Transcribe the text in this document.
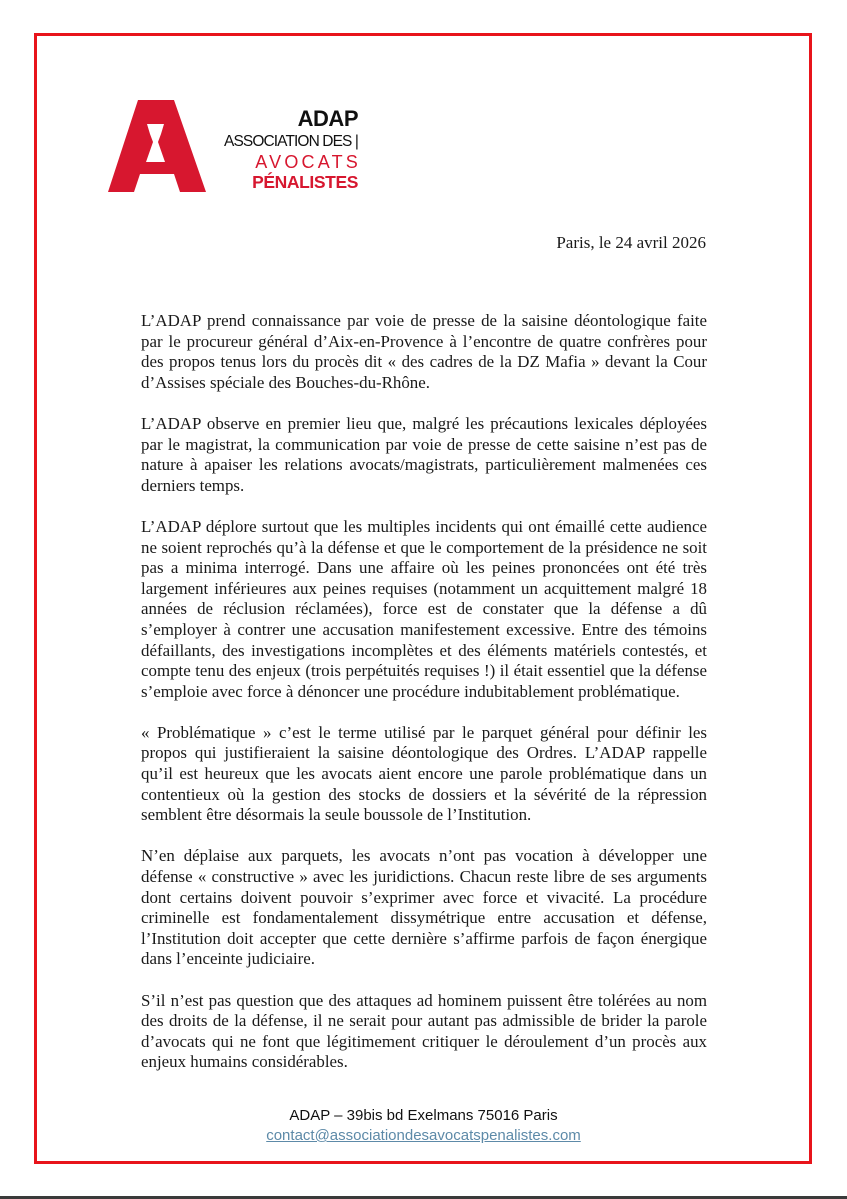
ADAP
ASSOCIATION DES |
AVOCATS
PÉNALISTES
Paris, le 24 avril 2026

L’ADAP prend connaissance par voie de presse de la saisine déontologique faite par le procureur général d’Aix-en-Provence à l’encontre de quatre confrères pour des propos tenus lors du procès dit « des cadres de la DZ Mafia » devant la Cour d’Assises spéciale des Bouches-du-Rhône.

L’ADAP observe en premier lieu que, malgré les précautions lexicales déployées par le magistrat, la communication par voie de presse de cette saisine n’est pas de nature à apaiser les relations avocats/magistrats, particulièrement malmenées ces derniers temps.

L’ADAP déplore surtout que les multiples incidents qui ont émaillé cette audience ne soient reprochés qu’à la défense et que le comportement de la présidence ne soit pas a minima interrogé. Dans une affaire où les peines prononcées ont été très largement inférieures aux peines requises (notamment un acquittement malgré 18 années de réclusion réclamées), force est de constater que la défense a dû s’employer à contrer une accusation manifestement excessive. Entre des témoins défaillants, des investigations incomplètes et des éléments matériels contestés, et compte tenu des enjeux (trois perpétuités requises !) il était essentiel que la défense s’emploie avec force à dénoncer une procédure indubitablement problématique.

« Problématique » c’est le terme utilisé par le parquet général pour définir les propos qui justifieraient la saisine déontologique des Ordres. L’ADAP rappelle qu’il est heureux que les avocats aient encore une parole problématique dans un contentieux où la gestion des stocks de dossiers et la sévérité de la répression semblent être désormais la seule boussole de l’Institution.

N’en déplaise aux parquets, les avocats n’ont pas vocation à développer une défense « constructive » avec les juridictions. Chacun reste libre de ses arguments dont certains doivent pouvoir s’exprimer avec force et vivacité. La procédure criminelle est fondamentalement dissymétrique entre accusation et défense, l’Institution doit accepter que cette dernière s’affirme parfois de façon énergique dans l’enceinte judiciaire.

S’il n’est pas question que des attaques ad hominem puissent être tolérées au nom des droits de la défense, il ne serait pour autant pas admissible de brider la parole d’avocats qui ne font que légitimement critiquer le déroulement d’un procès aux enjeux humains considérables.

ADAP – 39bis bd Exelmans 75016 Paris
contact@associationdesavocatspenalistes.com
